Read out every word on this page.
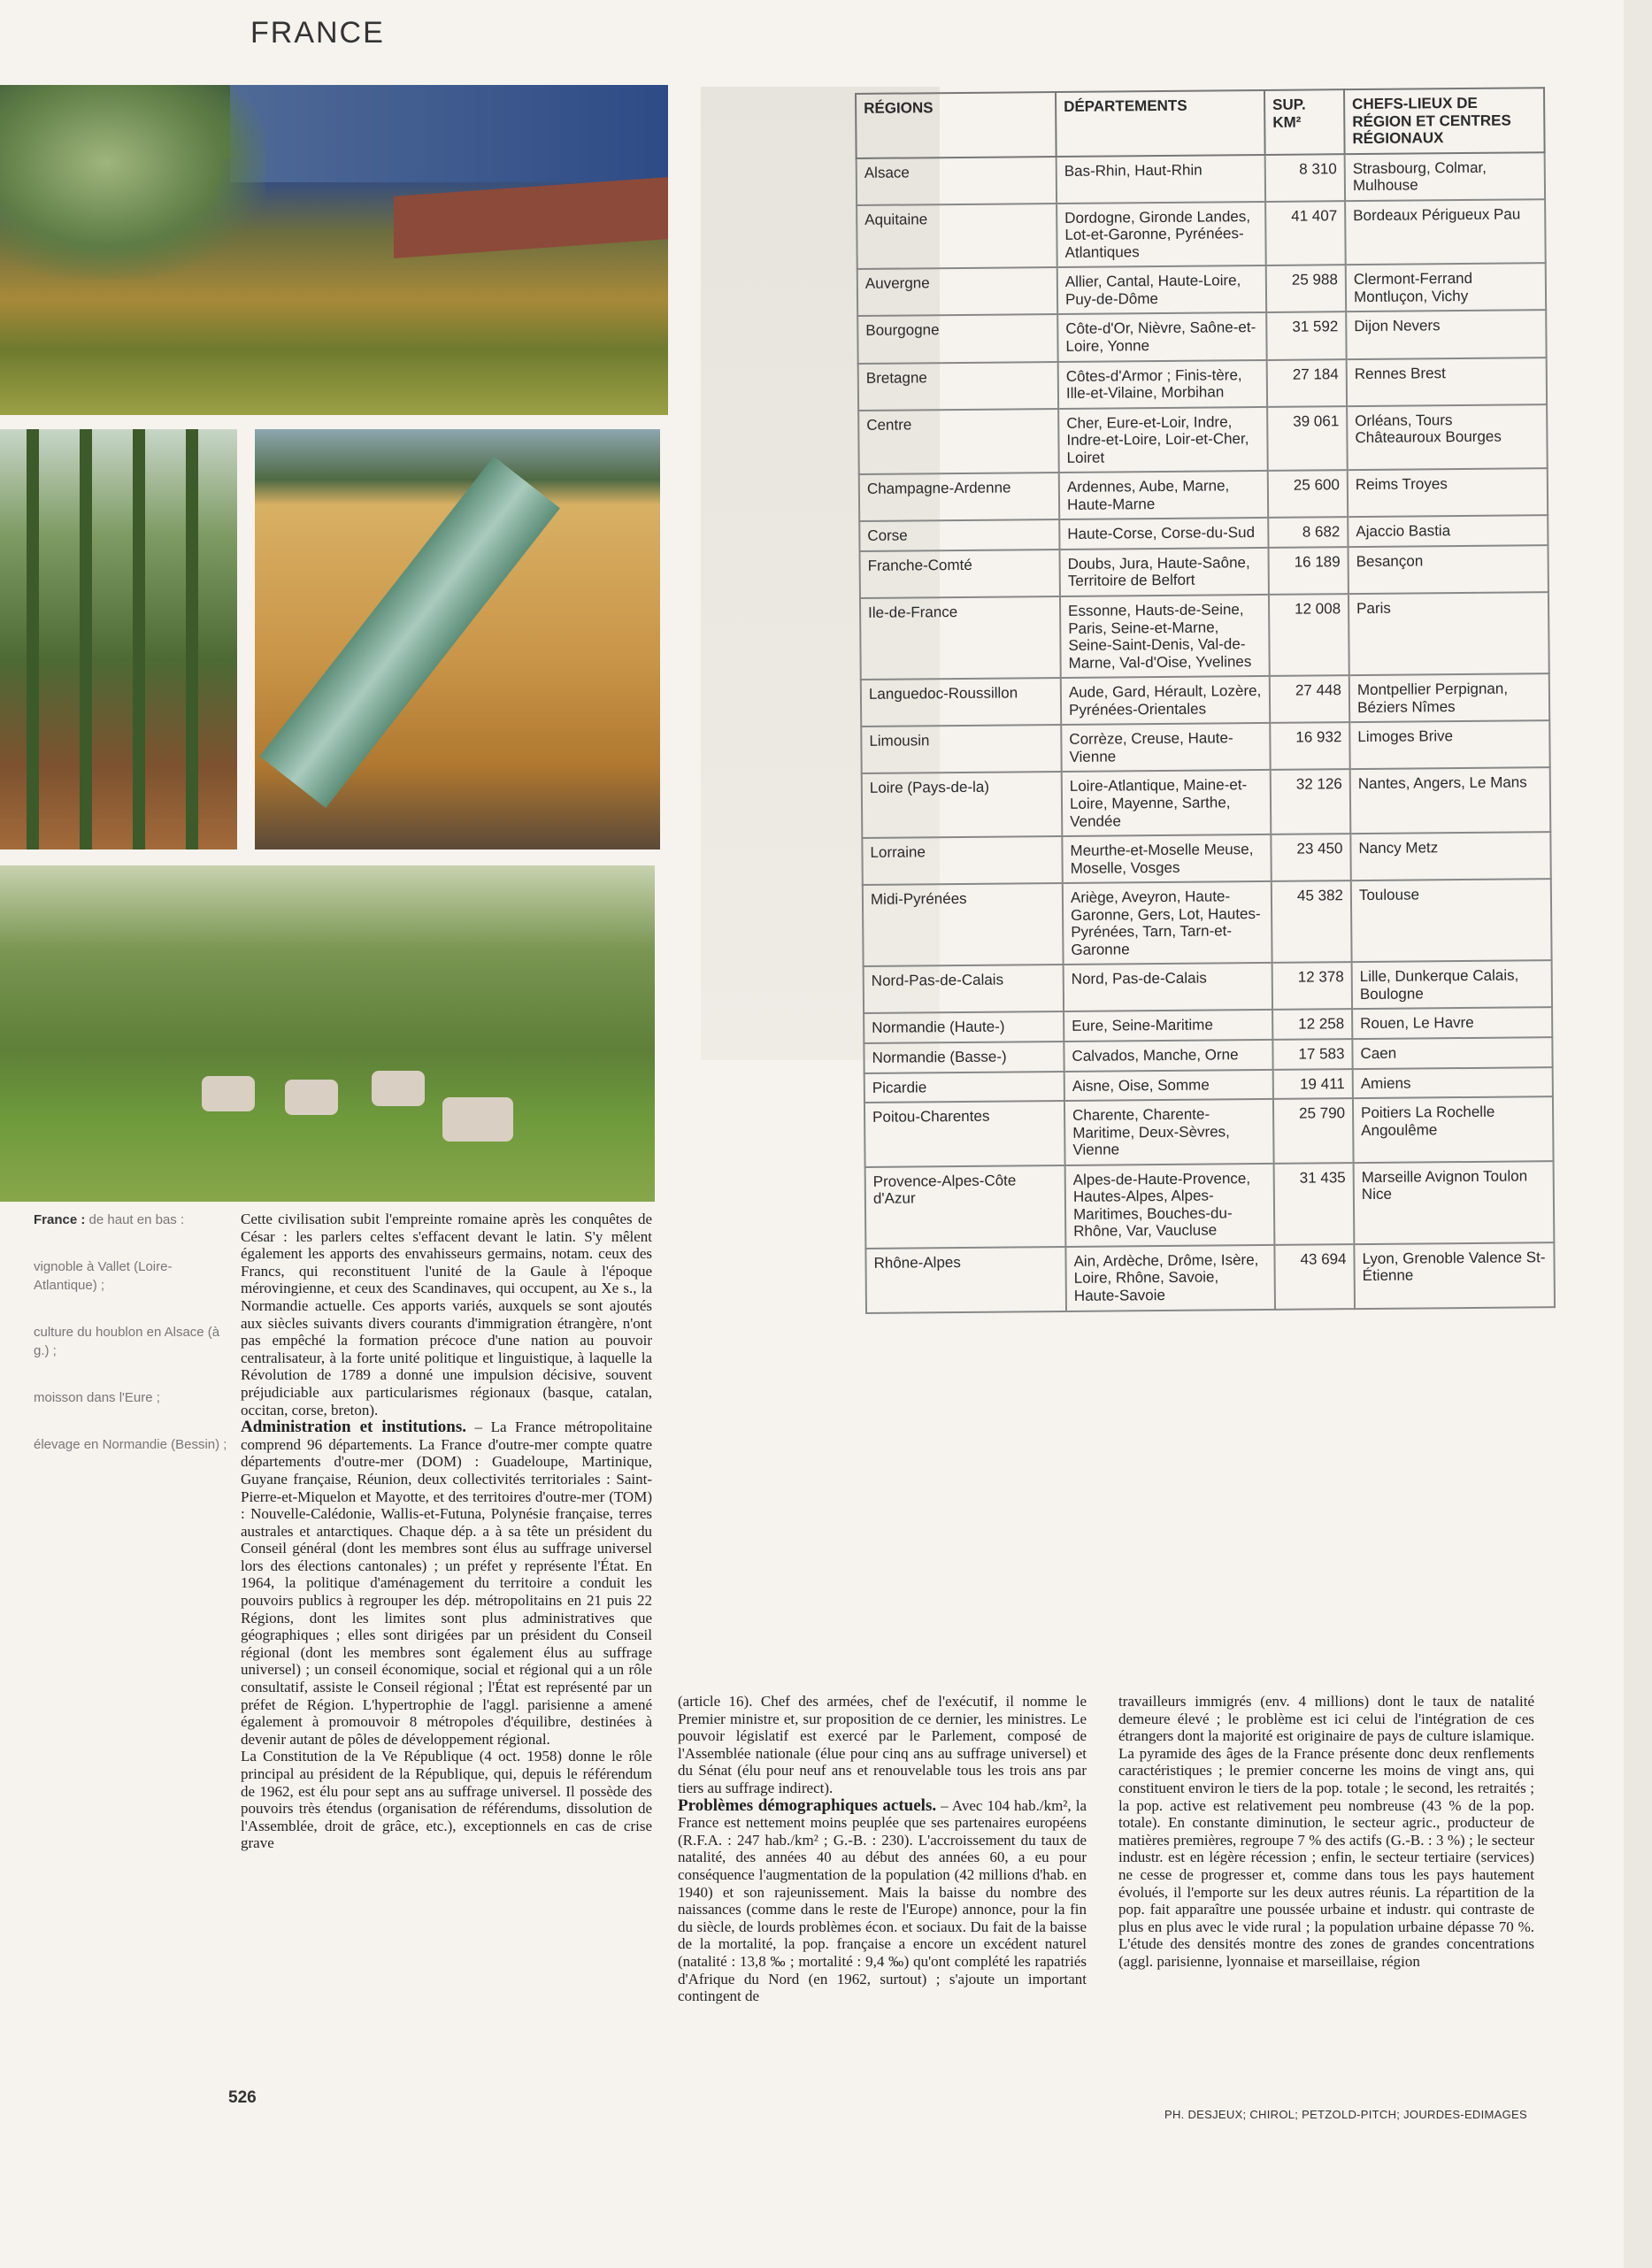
FRANCE
France : de haut en bas :
vignoble à Vallet (Loire-Atlantique) ;
culture du houblon en Alsace (à g.) ;
moisson dans l'Eure ;
élevage en Normandie (Bessin) ;

Cette civilisation subit l'empreinte romaine après les conquêtes de César : les parlers celtes s'effacent devant le latin. S'y mêlent également les apports des envahisseurs germains, notam. ceux des Francs, qui reconstituent l'unité de la Gaule à l'époque mérovingienne, et ceux des Scandinaves, qui occupent, au Xe s., la Normandie actuelle. Ces apports variés, auxquels se sont ajoutés aux siècles suivants divers courants d'immigration étrangère, n'ont pas empêché la formation précoce d'une nation au pouvoir centralisateur, à la forte unité politique et linguistique, à laquelle la Révolution de 1789 a donné une impulsion décisive, souvent préjudiciable aux particularismes régionaux (basque, catalan, occitan, corse, breton).

Administration et institutions. – La France métropolitaine comprend 96 départements. La France d'outre-mer compte quatre départements d'outre-mer (DOM) : Guadeloupe, Martinique, Guyane française, Réunion, deux collectivités territoriales : Saint-Pierre-et-Miquelon et Mayotte, et des territoires d'outre-mer (TOM) : Nouvelle-Calédonie, Wallis-et-Futuna, Polynésie française, terres australes et antarctiques. Chaque dép. a à sa tête un président du Conseil général (dont les membres sont élus au suffrage universel lors des élections cantonales) ; un préfet y représente l'État. En 1964, la politique d'aménagement du territoire a conduit les pouvoirs publics à regrouper les dép. métropolitains en 21 puis 22 Régions, dont les limites sont plus administratives que géographiques ; elles sont dirigées par un président du Conseil régional (dont les membres sont également élus au suffrage universel) ; un conseil économique, social et régional qui a un rôle consultatif, assiste le Conseil régional ; l'État est représenté par un préfet de Région. L'hypertrophie de l'aggl. parisienne a amené également à promouvoir 8 métropoles d'équilibre, destinées à devenir autant de pôles de développement régional.

La Constitution de la Ve République (4 oct. 1958) donne le rôle principal au président de la République, qui, depuis le référendum de 1962, est élu pour sept ans au suffrage universel. Il possède des pouvoirs très étendus (organisation de référendums, dissolution de l'Assemblée, droit de grâce, etc.), exceptionnels en cas de crise grave

RÉGIONS	DÉPARTEMENTS	SUP. KM²	CHEFS-LIEUX DE RÉGION ET CENTRES RÉGIONAUX
Alsace	Bas-Rhin, Haut-Rhin	8 310	Strasbourg, Colmar, Mulhouse
Aquitaine	Dordogne, Gironde Landes, Lot-et-Garonne, Pyrénées-Atlantiques	41 407	Bordeaux Périgueux Pau
Auvergne	Allier, Cantal, Haute-Loire, Puy-de-Dôme	25 988	Clermont-Ferrand Montluçon, Vichy
Bourgogne	Côte-d'Or, Nièvre, Saône-et-Loire, Yonne	31 592	Dijon Nevers
Bretagne	Côtes-d'Armor ; Finis-tère, Ille-et-Vilaine, Morbihan	27 184	Rennes Brest
Centre	Cher, Eure-et-Loir, Indre, Indre-et-Loire, Loir-et-Cher, Loiret	39 061	Orléans, Tours Châteauroux Bourges
Champagne-Ardenne	Ardennes, Aube, Marne, Haute-Marne	25 600	Reims Troyes
Corse	Haute-Corse, Corse-du-Sud	8 682	Ajaccio Bastia
Franche-Comté	Doubs, Jura, Haute-Saône, Territoire de Belfort	16 189	Besançon
Ile-de-France	Essonne, Hauts-de-Seine, Paris, Seine-et-Marne, Seine-Saint-Denis, Val-de-Marne, Val-d'Oise, Yvelines	12 008	Paris
Languedoc-Roussillon	Aude, Gard, Hérault, Lozère, Pyrénées-Orientales	27 448	Montpellier Perpignan, Béziers Nîmes
Limousin	Corrèze, Creuse, Haute-Vienne	16 932	Limoges Brive
Loire (Pays-de-la)	Loire-Atlantique, Maine-et-Loire, Mayenne, Sarthe, Vendée	32 126	Nantes, Angers, Le Mans
Lorraine	Meurthe-et-Moselle Meuse, Moselle, Vosges	23 450	Nancy Metz
Midi-Pyrénées	Ariège, Aveyron, Haute-Garonne, Gers, Lot, Hautes-Pyrénées, Tarn, Tarn-et-Garonne	45 382	Toulouse
Nord-Pas-de-Calais	Nord, Pas-de-Calais	12 378	Lille, Dunkerque Calais, Boulogne
Normandie (Haute-)	Eure, Seine-Maritime	12 258	Rouen, Le Havre
Normandie (Basse-)	Calvados, Manche, Orne	17 583	Caen
Picardie	Aisne, Oise, Somme	19 411	Amiens
Poitou-Charentes	Charente, Charente-Maritime, Deux-Sèvres, Vienne	25 790	Poitiers La Rochelle Angoulême
Provence-Alpes-Côte d'Azur	Alpes-de-Haute-Provence, Hautes-Alpes, Alpes-Maritimes, Bouches-du-Rhône, Var, Vaucluse	31 435	Marseille Avignon Toulon Nice
Rhône-Alpes	Ain, Ardèche, Drôme, Isère, Loire, Rhône, Savoie, Haute-Savoie	43 694	Lyon, Grenoble Valence St-Étienne

(article 16). Chef des armées, chef de l'exécutif, il nomme le Premier ministre et, sur proposition de ce dernier, les ministres. Le pouvoir législatif est exercé par le Parlement, composé de l'Assemblée nationale (élue pour cinq ans au suffrage universel) et du Sénat (élu pour neuf ans et renouvelable tous les trois ans par tiers au suffrage indirect).

Problèmes démographiques actuels. – Avec 104 hab./km², la France est nettement moins peuplée que ses partenaires européens (R.F.A. : 247 hab./km² ; G.-B. : 230). L'accroissement du taux de natalité, des années 40 au début des années 60, a eu pour conséquence l'augmentation de la population (42 millions d'hab. en 1940) et son rajeunissement. Mais la baisse du nombre des naissances (comme dans le reste de l'Europe) annonce, pour la fin du siècle, de lourds problèmes écon. et sociaux. Du fait de la baisse de la mortalité, la pop. française a encore un excédent naturel (natalité : 13,8 ‰ ; mortalité : 9,4 ‰) qu'ont complété les rapatriés d'Afrique du Nord (en 1962, surtout) ; s'ajoute un important contingent de

travailleurs immigrés (env. 4 millions) dont le taux de natalité demeure élevé ; le problème est ici celui de l'intégration de ces étrangers dont la majorité est originaire de pays de culture islamique. La pyramide des âges de la France présente donc deux renflements caractéristiques ; le premier concerne les moins de vingt ans, qui constituent environ le tiers de la pop. totale ; le second, les retraités ; la pop. active est relativement peu nombreuse (43 % de la pop. totale). En constante diminution, le secteur agric., producteur de matières premières, regroupe 7 % des actifs (G.-B. : 3 %) ; le secteur industr. est en légère récession ; enfin, le secteur tertiaire (services) ne cesse de progresser et, comme dans tous les pays hautement évolués, il l'emporte sur les deux autres réunis. La répartition de la pop. fait apparaître une poussée urbaine et industr. qui contraste de plus en plus avec le vide rural ; la population urbaine dépasse 70 %. L'étude des densités montre des zones de grandes concentrations (aggl. parisienne, lyonnaise et marseillaise, région

526
PH. DESJEUX; CHIROL; PETZOLD-PITCH; JOURDES-EDIMAGES
